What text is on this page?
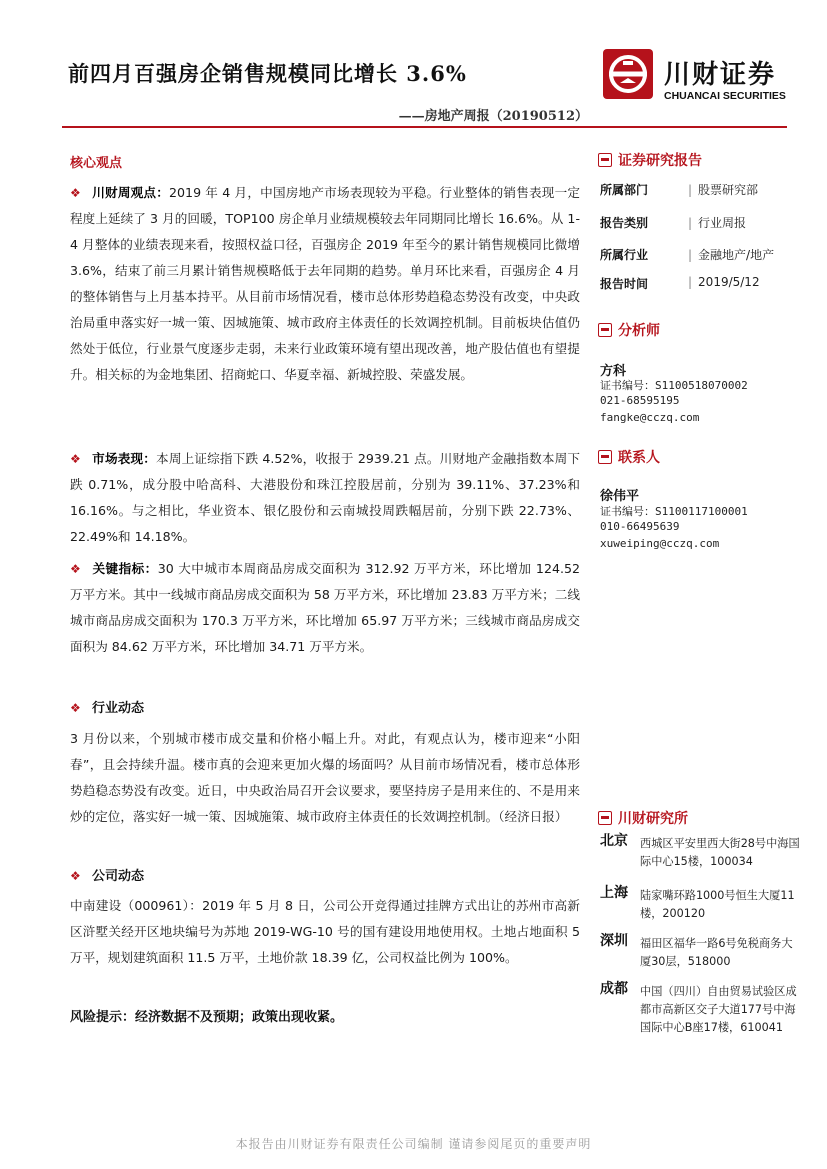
前四月百强房企销售规模同比增长 3.6%
——房地产周报（20190512）
川财证券
CHUANCAI SECURITIES
核心观点
❖ 川财周观点：2019 年 4 月，中国房地产市场表现较为平稳。行业整体的销售表现一定程度上延续了 3 月的回暖，TOP100 房企单月业绩规模较去年同期同比增长 16.6%。从 1-4 月整体的业绩表现来看，按照权益口径，百强房企 2019 年至今的累计销售规模同比微增 3.6%，结束了前三月累计销售规模略低于去年同期的趋势。单月环比来看，百强房企 4 月的整体销售与上月基本持平。从目前市场情况看，楼市总体形势趋稳态势没有改变，中央政治局重申落实好一城一策、因城施策、城市政府主体责任的长效调控机制。目前板块估值仍然处于低位，行业景气度逐步走弱，未来行业政策环境有望出现改善，地产股估值也有望提升。相关标的为金地集团、招商蛇口、华夏幸福、新城控股、荣盛发展。
❖ 市场表现：本周上证综指下跌 4.52%，收报于 2939.21 点。川财地产金融指数本周下跌 0.71%，成分股中哈高科、大港股份和珠江控股居前，分别为 39.11%、37.23%和 16.16%。与之相比，华业资本、银亿股份和云南城投周跌幅居前，分别下跌 22.73%、22.49%和 14.18%。
❖ 关键指标：30 大中城市本周商品房成交面积为 312.92 万平方米，环比增加 124.52 万平方米。其中一线城市商品房成交面积为 58 万平方米，环比增加 23.83 万平方米；二线城市商品房成交面积为 170.3 万平方米，环比增加 65.97 万平方米；三线城市商品房成交面积为 84.62 万平方米，环比增加 34.71 万平方米。
❖ 行业动态
3 月份以来，个别城市楼市成交量和价格小幅上升。对此，有观点认为，楼市迎来“小阳春”，且会持续升温。楼市真的会迎来更加火爆的场面吗？从目前市场情况看，楼市总体形势趋稳态势没有改变。近日，中央政治局召开会议要求，要坚持房子是用来住的、不是用来炒的定位，落实好一城一策、因城施策、城市政府主体责任的长效调控机制。（经济日报）
❖ 公司动态
中南建设（000961）：2019 年 5 月 8 日，公司公开竞得通过挂牌方式出让的苏州市高新区浒墅关经开区地块编号为苏地 2019-WG-10 号的国有建设用地使用权。土地占地面积 5 万平，规划建筑面积 11.5 万平，土地价款 18.39 亿，公司权益比例为 100%。
风险提示：经济数据不及预期；政策出现收紧。
证券研究报告
所属部门	| 股票研究部
报告类别	| 行业周报
所属行业	| 金融地产/地产
报告时间	| 2019/5/12
分析师
方科
证书编号：S1100518070002
021-68595195
fangke@cczq.com
联系人
徐伟平
证书编号：S1100117100001
010-66495639
xuweiping@cczq.com
川财研究所
北京 西城区平安里西大街28号中海国际中心15楼，100034
上海 陆家嘴环路1000号恒生大厦11楼，200120
深圳 福田区福华一路6号免税商务大厦30层，518000
成都 中国（四川）自由贸易试验区成都市高新区交子大道177号中海国际中心B座17楼，610041
本报告由川财证券有限责任公司编制 谨请参阅尾页的重要声明
